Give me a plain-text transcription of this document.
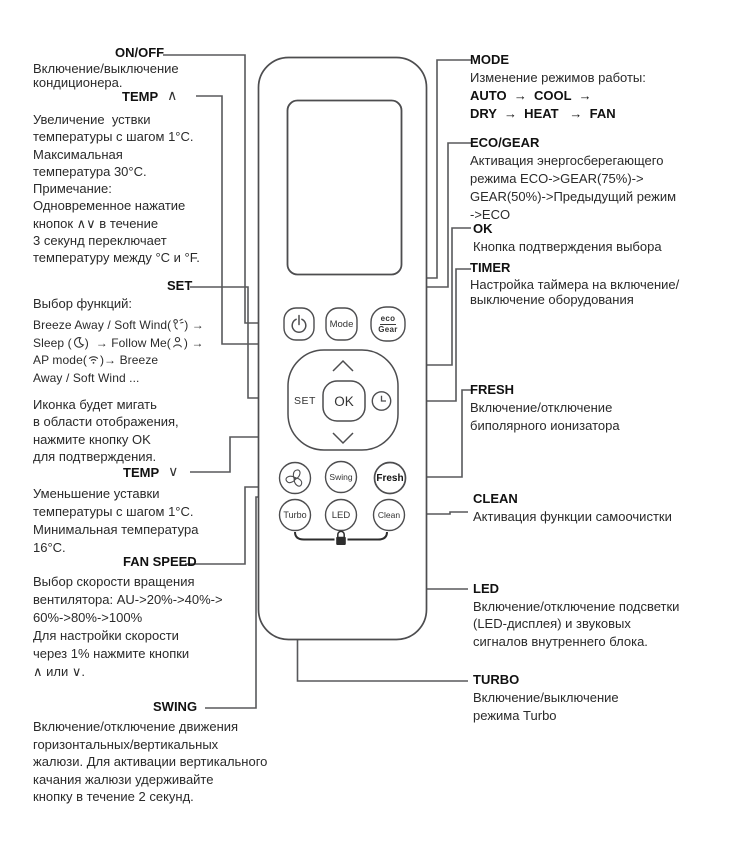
Mode
eco
Gear
SET	OK
Swing	Fresh
Turbo	LED	Clean
ON/OFF
Включение/выключение
кондиционера.
TEMP ∧
Увеличение  уствки
температуры с шагом 1°C.
Максимальная
температура 30°C.
Примечание:
Одновременное нажатие
кнопок ∧∨ в течение
3 секунд переключает
температуру между °C и °F.
SET
Выбор функций:
Breeze Away / Soft Wind( ) →
Sleep ( )  → Follow Me( ) →
AP mode( )→ Breeze
Away / Soft Wind ...
Иконка будет мигать
в области отображения,
нажмите кнопку OK
для подтверждения.
TEMP ∨
Уменьшение уставки
температуры с шагом 1°C.
Минимальная температура
16°C.
FAN SPEED
Выбор скорости вращения
вентилятора: AU->20%->40%->
60%->80%->100%
Для настройки скорости
через 1% нажмите кнопки
∧ или ∨.
SWING
Включение/отключение движения
горизонтальных/вертикальных
жалюзи. Для активации вертикального
качания жалюзи удерживайте
кнопку в течение 2 секунд.
MODE
Изменение режимов работы:
AUTO  →  COOL  →
DRY  →  HEAT   →  FAN
ECO/GEAR
Активация энергосберегающего
режима ECO->GEAR(75%)->
GEAR(50%)->Предыдущий режим
->ECO
OK
Кнопка подтверждения выбора
TIMER
Настройка таймера на включение/
выключение оборудования
FRESH
Включение/отключение
биполярного ионизатора
CLEAN
Активация функции самоочистки
LED
Включение/отключение подсветки
(LED-дисплея) и звуковых
сигналов внутреннего блока.
TURBO
Включение/выключение
режима Turbo
